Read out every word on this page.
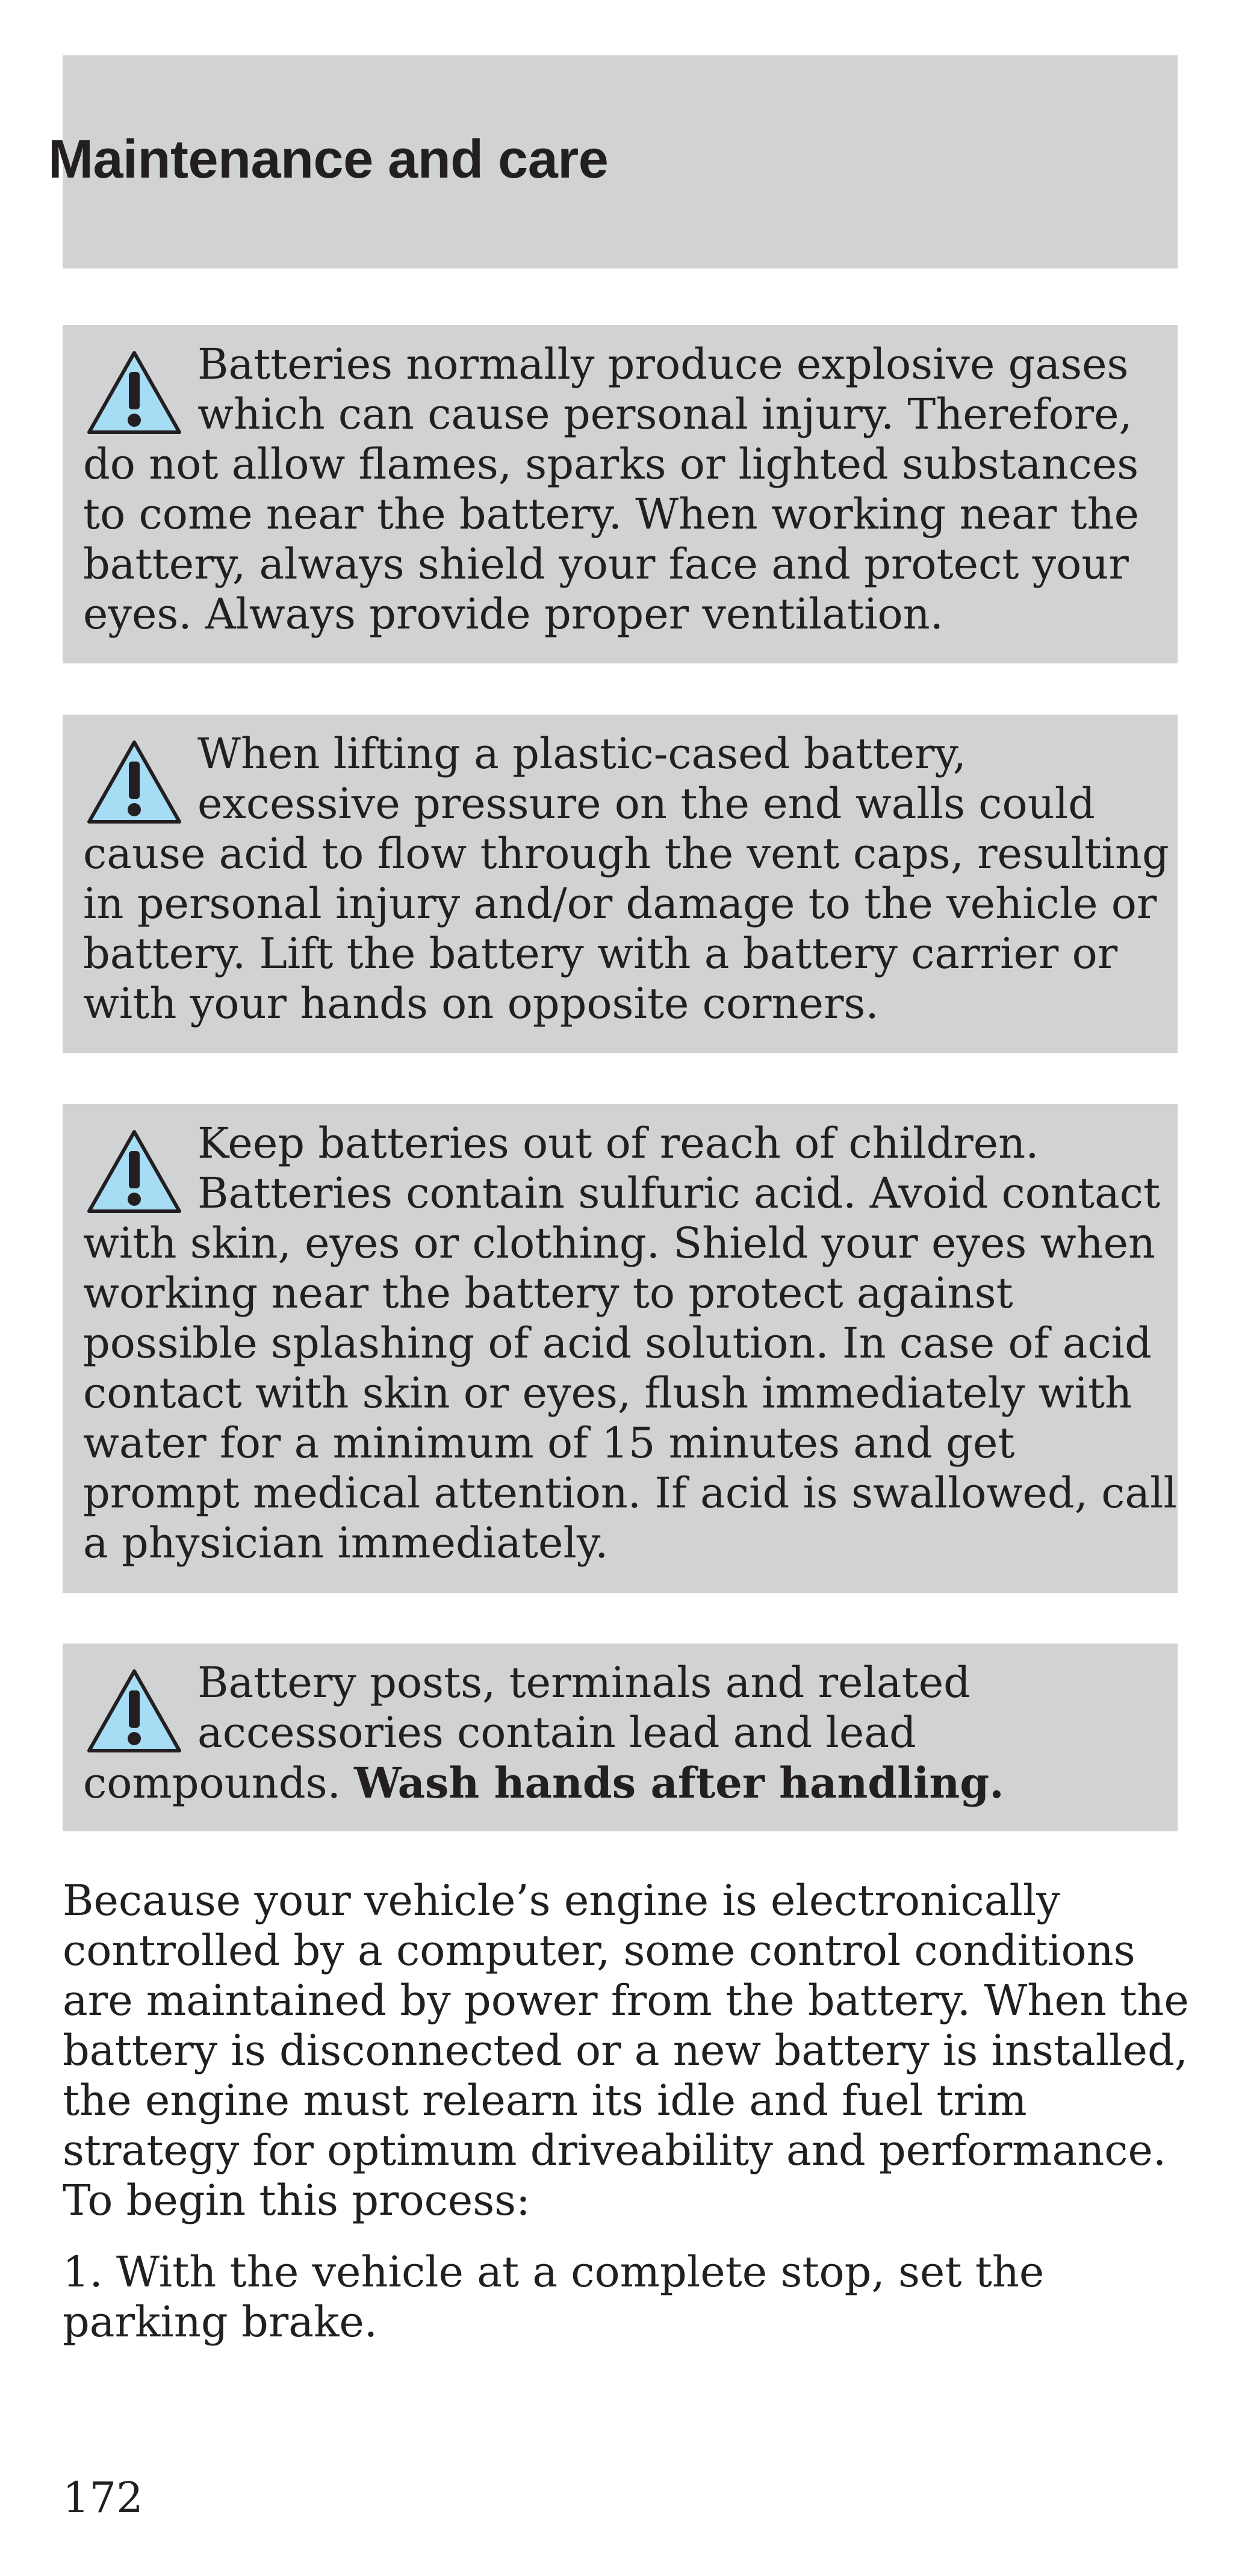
Maintenance and care

Batteries normally produce explosive gases
which can cause personal injury. Therefore,
do not allow flames, sparks or lighted substances
to come near the battery. When working near the
battery, always shield your face and protect your
eyes. Always provide proper ventilation.

When lifting a plastic-cased battery,
excessive pressure on the end walls could
cause acid to flow through the vent caps, resulting
in personal injury and/or damage to the vehicle or
battery. Lift the battery with a battery carrier or
with your hands on opposite corners.

Keep batteries out of reach of children.
Batteries contain sulfuric acid. Avoid contact
with skin, eyes or clothing. Shield your eyes when
working near the battery to protect against
possible splashing of acid solution. In case of acid
contact with skin or eyes, flush immediately with
water for a minimum of 15 minutes and get
prompt medical attention. If acid is swallowed, call
a physician immediately.

Battery posts, terminals and related
accessories contain lead and lead
compounds. Wash hands after handling.

Because your vehicle’s engine is electronically
controlled by a computer, some control conditions
are maintained by power from the battery. When the
battery is disconnected or a new battery is installed,
the engine must relearn its idle and fuel trim
strategy for optimum driveability and performance.
To begin this process:

1. With the vehicle at a complete stop, set the
parking brake.

172
